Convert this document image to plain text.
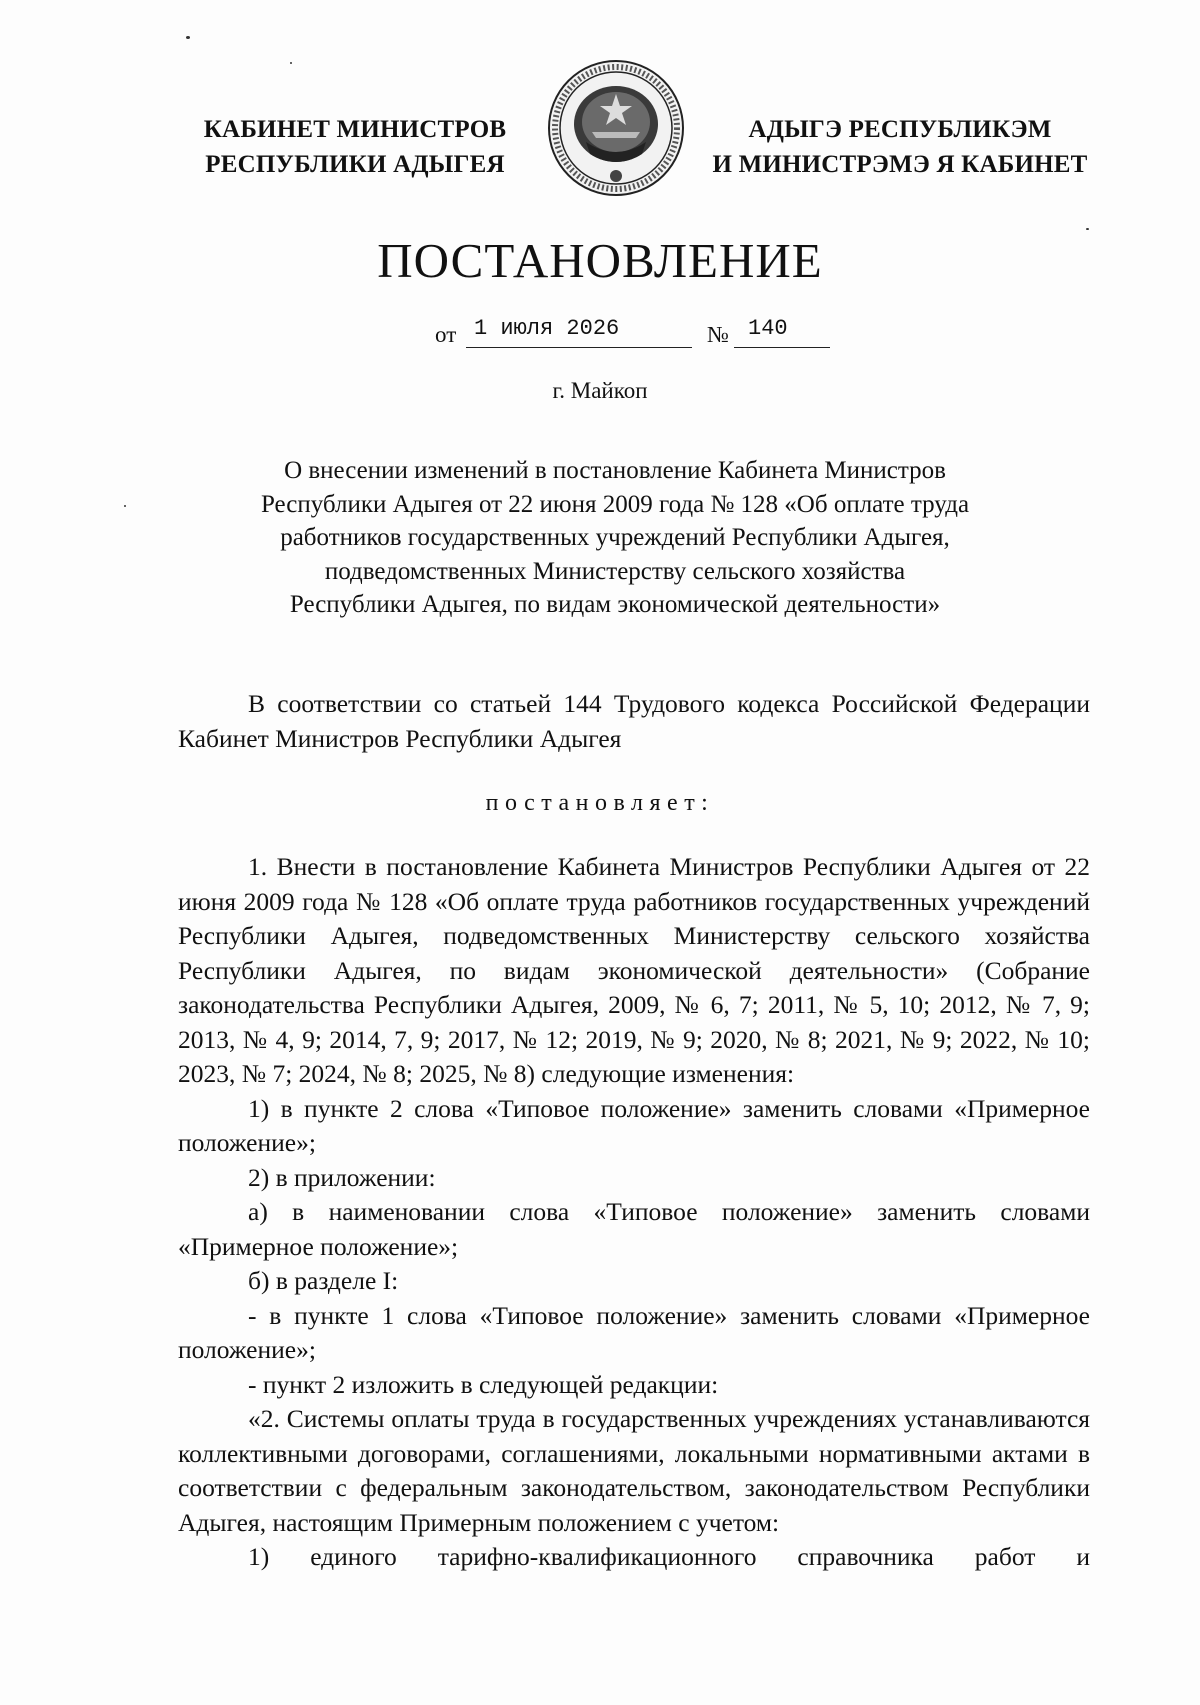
КАБИНЕТ МИНИСТРОВ
РЕСПУБЛИКИ АДЫГЕЯ
АДЫГЭ РЕСПУБЛИКЭМ
И МИНИСТРЭМЭ Я КАБИНЕТ
ПОСТАНОВЛЕНИЕ
от 1 июля 2026	№ 140
г. Майкоп
О внесении изменений в постановление Кабинета Министров
Республики Адыгея от 22 июня 2009 года № 128 «Об оплате труда
работников государственных учреждений Республики Адыгея,
подведомственных Министерству сельского хозяйства
Республики Адыгея, по видам экономической деятельности»

В соответствии со статьей 144 Трудового кодекса Российской Федерации Кабинет Министров Республики Адыгея

постановляет:

1. Внести в постановление Кабинета Министров Республики Адыгея от 22 июня 2009 года № 128 «Об оплате труда работников государственных учреждений Республики Адыгея, подведомственных Министерству сельского хозяйства Республики Адыгея, по видам экономической деятельности» (Собрание законодательства Республики Адыгея, 2009, № 6, 7; 2011, № 5, 10; 2012, № 7, 9; 2013, № 4, 9; 2014, 7, 9; 2017, № 12; 2019, № 9; 2020, № 8; 2021, № 9; 2022, № 10; 2023, № 7; 2024, № 8; 2025, № 8) следующие изменения:

1) в пункте 2 слова «Типовое положение» заменить словами «Примерное положение»;

2) в приложении:

а) в наименовании слова «Типовое положение» заменить словами «Примерное положение»;

б) в разделе I:

- в пункте 1 слова «Типовое положение» заменить словами «Примерное положение»;

- пункт 2 изложить в следующей редакции:

«2. Системы оплаты труда в государственных учреждениях устанавливаются коллективными договорами, соглашениями, локальными нормативными актами в соответствии с федеральным законодательством, законодательством Республики Адыгея, настоящим Примерным положением с учетом:

1) единого тарифно-квалификационного справочника работ и
